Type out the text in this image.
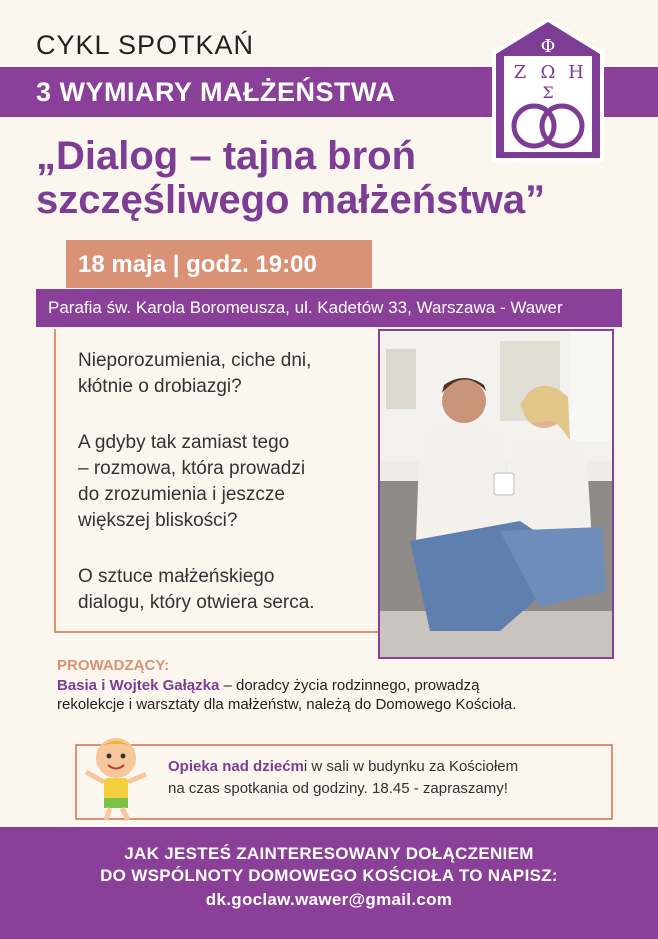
CYKL SPOTKAŃ
3 WYMIARY MAŁŻEŃSTWA
Φ
Ζ Ω Η
Σ
„Dialog – tajna broń
szczęśliwego małżeństwa”
18 maja | godz. 19:00
Parafia św. Karola Boromeusza, ul. Kadetów 33, Warszawa - Wawer
Nieporozumienia, ciche dni,
kłótnie o drobiazgi?
A gdyby tak zamiast tego
– rozmowa, która prowadzi
do zrozumienia i jeszcze
większej bliskości?
O sztuce małżeńskiego
dialogu, który otwiera serca.
PROWADZĄCY:
Basia i Wojtek Gałązka – doradcy życia rodzinnego, prowadzą
rekolekcje i warsztaty dla małżeństw, należą do Domowego Kościoła.
Opieka nad dziećmi w sali w budynku za Kościołem
na czas spotkania od godziny. 18.45 - zapraszamy!
JAK JESTEŚ ZAINTERESOWANY DOŁĄCZENIEM
DO WSPÓLNOTY DOMOWEGO KOŚCIOŁA TO NAPISZ:
dk.goclaw.wawer@gmail.com
